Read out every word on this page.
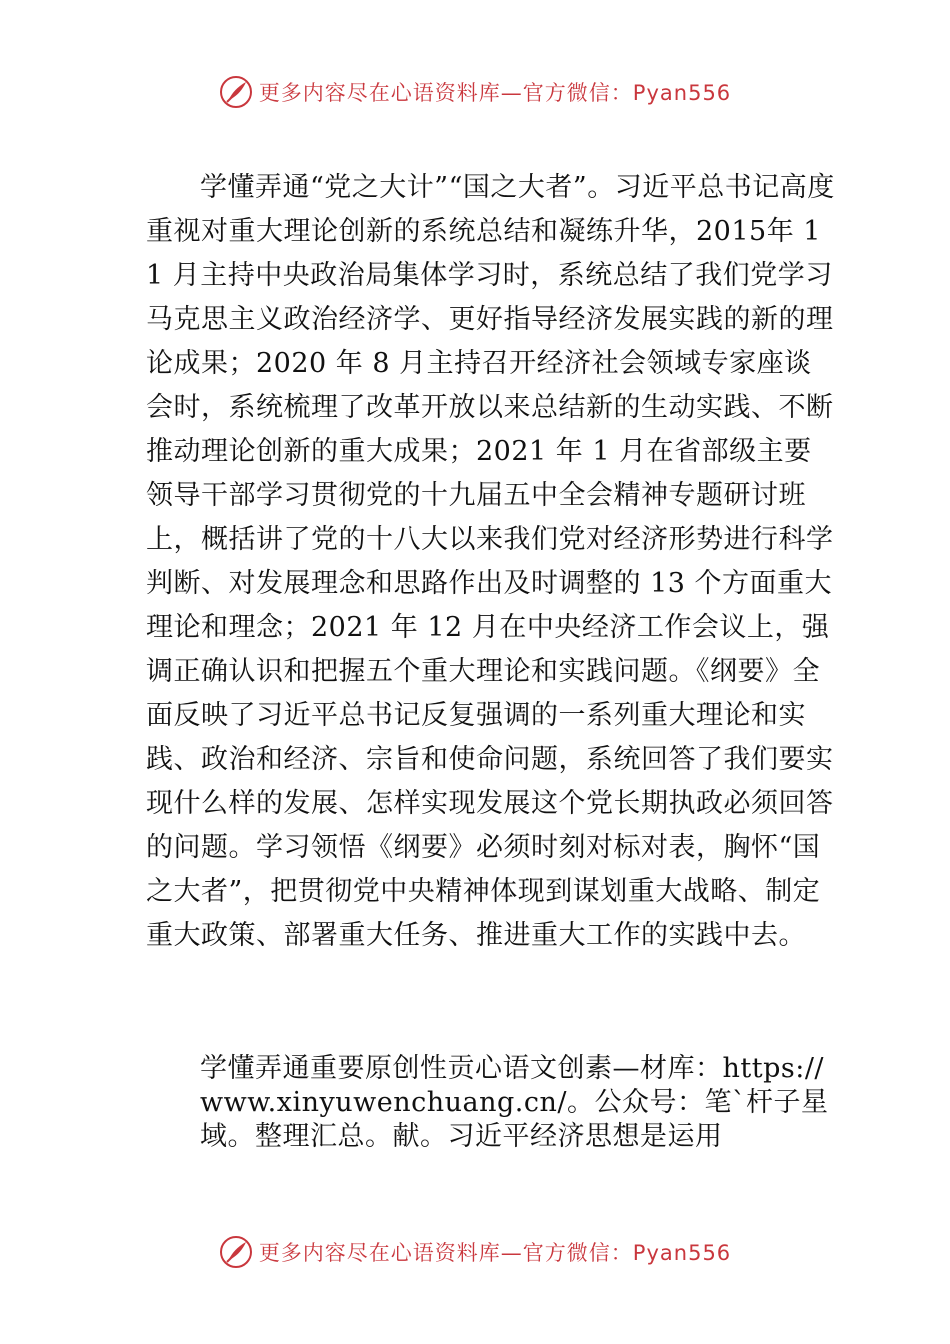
更多内容尽在心语资料库—官方微信：Pyan556
学懂弄通“党之大计”“国之大者”。习近平总书记高度重视对重大理论创新的系统总结和凝练升华，2015年 11 月主持中央政治局集体学习时，系统总结了我们党学习马克思主义政治经济学、更好指导经济发展实践的新的理论成果；2020 年 8 月主持召开经济社会领域专家座谈会时，系统梳理了改革开放以来总结新的生动实践、不断推动理论创新的重大成果；2021 年 1 月在省部级主要领导干部学习贯彻党的十九届五中全会精神专题研讨班上，概括讲了党的十八大以来我们党对经济形势进行科学判断、对发展理念和思路作出及时调整的 13 个方面重大理论和理念；2021 年 12 月在中央经济工作会议上，强调正确认识和把握五个重大理论和实践问题。《纲要》全面反映了习近平总书记反复强调的一系列重大理论和实践、政治和经济、宗旨和使命问题，系统回答了我们要实现什么样的发展、怎样实现发展这个党长期执政必须回答的问题。学习领悟《纲要》必须时刻对标对表，胸怀“国之大者”，把贯彻党中央精神体现到谋划重大战略、制定重大政策、部署重大任务、推进重大工作的实践中去。
学懂弄通重要原创性贡心语文创素—材库：https://www.xinyuwenchuang.cn/。公众号：笔`杆子星域。整理汇总。献。习近平经济思想是运用
更多内容尽在心语资料库—官方微信：Pyan556
